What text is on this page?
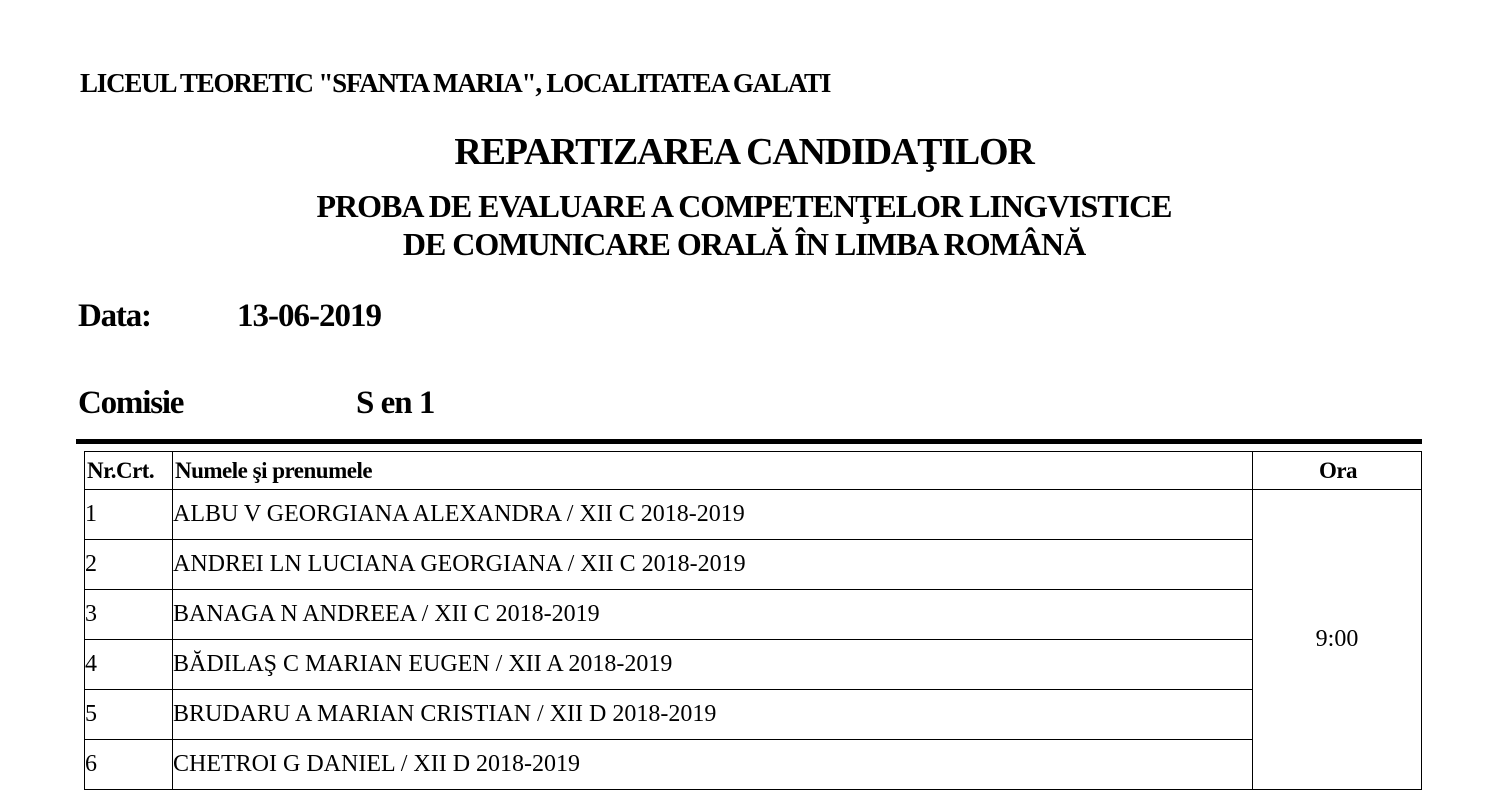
LICEUL TEORETIC "SFANTA MARIA", LOCALITATEA GALATI
REPARTIZAREA CANDIDAŢILOR
PROBA DE EVALUARE A COMPETENŢELOR LINGVISTICE
DE COMUNICARE ORALĂ ÎN LIMBA ROMÂNĂ
Data:	13-06-2019
Comisie	S en 1
Nr.Crt.	Numele şi prenumele	Ora
1	ALBU V GEORGIANA ALEXANDRA / XII C 2018-2019	9:00
2	ANDREI LN LUCIANA GEORGIANA / XII C 2018-2019	
3	BANAGA N ANDREEA / XII C 2018-2019	
4	BĂDILAŞ C MARIAN EUGEN / XII A 2018-2019	
5	BRUDARU A MARIAN CRISTIAN / XII D 2018-2019	
6	CHETROI G DANIEL / XII D 2018-2019	
